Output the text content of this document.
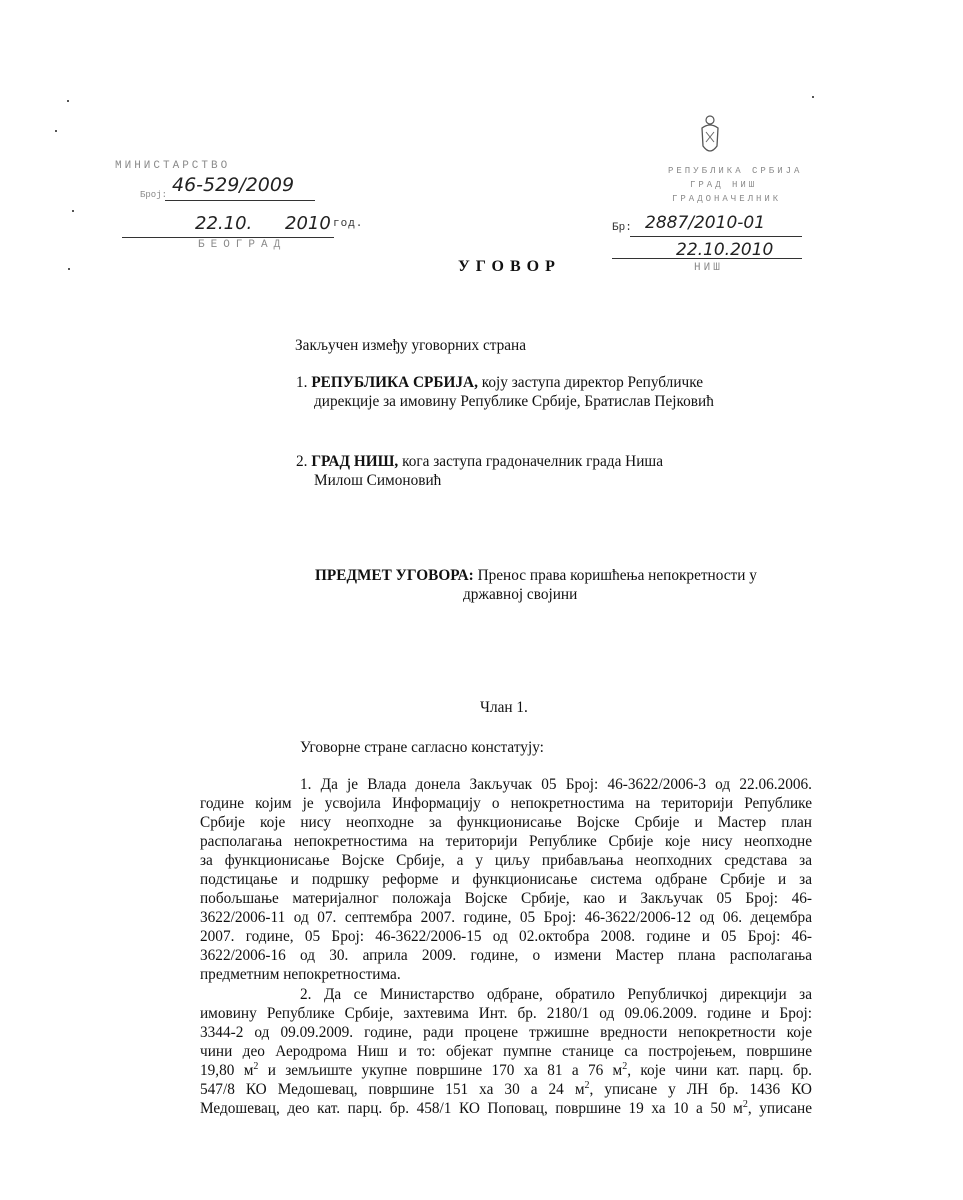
МИНИСТАРСТВО
Број: 46-529/2009
22.10. 2010 год.
БЕОГРАД
РЕПУБЛИКА СРБИЈА
ГРАД НИШ
ГРАДОНАЧЕЛНИК
Бр: 2887/2010-01
22.10.2010
НИШ
УГОВОР
Закључен између уговорних страна
1. РЕПУБЛИКА СРБИЈА, коју заступа директор Републичке
дирекције за имовину Републике Србије, Братислав Пејковић
2. ГРАД НИШ, кога заступа градоначелник града Ниша
Милош Симоновић
ПРЕДМЕТ УГОВОРА: Пренос права коришћења непокретности у
државној својини
Члан 1.
Уговорне стране сагласно констатују:
1. Да је Влада донела Закључак 05 Број: 46-3622/2006-3 од 22.06.2006.
године којим је усвојила Информацију о непокретностима на територији Републике
Србије које нису неопходне за функционисање Војске Србије и Мастер план
располагања непокретностима на територији Републике Србије које нису неопходне
за функционисање Војске Србије, а у циљу прибављања неопходних средстава за
подстицање и подршку реформе и функционисање система одбране Србије и за
побољшање материјалног положаја Војске Србије, као и Закључак 05 Број: 46-
3622/2006-11 од 07. септембра 2007. године, 05 Број: 46-3622/2006-12 од 06. децембра
2007. године, 05 Број: 46-3622/2006-15 од 02.октобра 2008. године и 05 Број: 46-
3622/2006-16 од 30. априла 2009. године, о измени Мастер плана располагања
предметним непокретностима.
2. Да се Министарство одбране, обратило Републичкој дирекцији за
имовину Републике Србије, захтевима Инт. бр. 2180/1 од 09.06.2009. године и Број:
3344-2 од 09.09.2009. године, ради процене тржишне вредности непокретности које
чини део Аеродрома Ниш и то: објекат пумпне станице са постројењем, површине
19,80 $м^2$ и земљиште укупне површине 170 ха 81 а 76 $м^2$, које чини кат. парц. бр.
547/8 КО Медошевац, површине 151 ха 30 а 24 $м^2$, уписане у ЛН бр. 1436 КО
Медошевац, део кат. парц. бр. 458/1 КО Поповац, површине 19 ха 10 а 50 $м^2$, уписане
